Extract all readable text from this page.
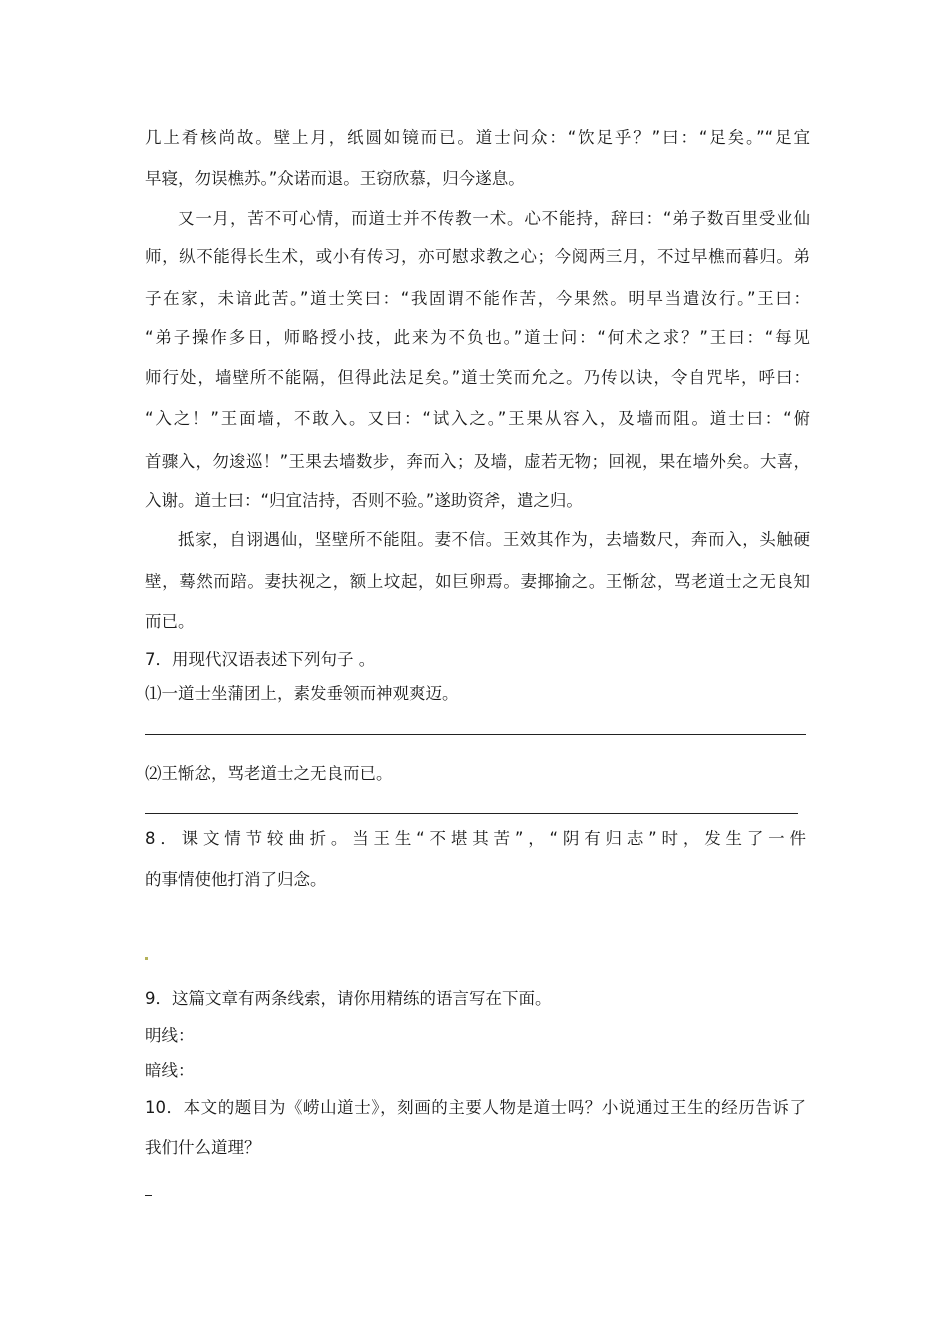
几上肴核尚故。壁上月，纸圆如镜而已。道士问众：“饮足乎？”曰：“足矣。”“足宜
早寝，勿误樵苏。”众诺而退。王窃欣慕，归今遂息。
又一月，苦不可心情，而道士并不传教一术。心不能持，辞曰：“弟子数百里受业仙
师，纵不能得长生术，或小有传习，亦可慰求教之心；今阅两三月，不过早樵而暮归。弟
子在家，未谙此苦。”道士笑曰：“我固谓不能作苦，今果然。明早当遣汝行。”王曰：
“弟子操作多日，师略授小技，此来为不负也。”道士问：“何术之求？”王曰：“每见
师行处，墙壁所不能隔，但得此法足矣。”道士笑而允之。乃传以诀，令自咒毕，呼曰：
“入之！”王面墙，不敢入。又曰：“试入之。”王果从容入，及墙而阻。道士曰：“俯
首骤入，勿逡巡！”王果去墙数步，奔而入；及墙，虚若无物；回视，果在墙外矣。大喜，
入谢。道士曰：“归宜洁持，否则不验。”遂助资斧，遣之归。
抵家，自诩遇仙，坚壁所不能阻。妻不信。王效其作为，去墙数尺，奔而入，头触硬
壁，蓦然而踣。妻扶视之，额上坟起，如巨卵焉。妻揶揄之。王惭忿，骂老道士之无良知
而已。
7．用现代汉语表述下列句子 。
⑴一道士坐蒲团上，素发垂领而神观爽迈。
⑵王惭忿，骂老道士之无良而已。
8．课文情节较曲折。当王生“不堪其苦”，“阴有归志”时，发生了一件
的事情使他打消了归念。
9．这篇文章有两条线索，请你用精练的语言写在下面。
明线：
暗线：
10．本文的题目为《崂山道士》，刻画的主要人物是道士吗？小说通过王生的经历告诉了
我们什么道理？
